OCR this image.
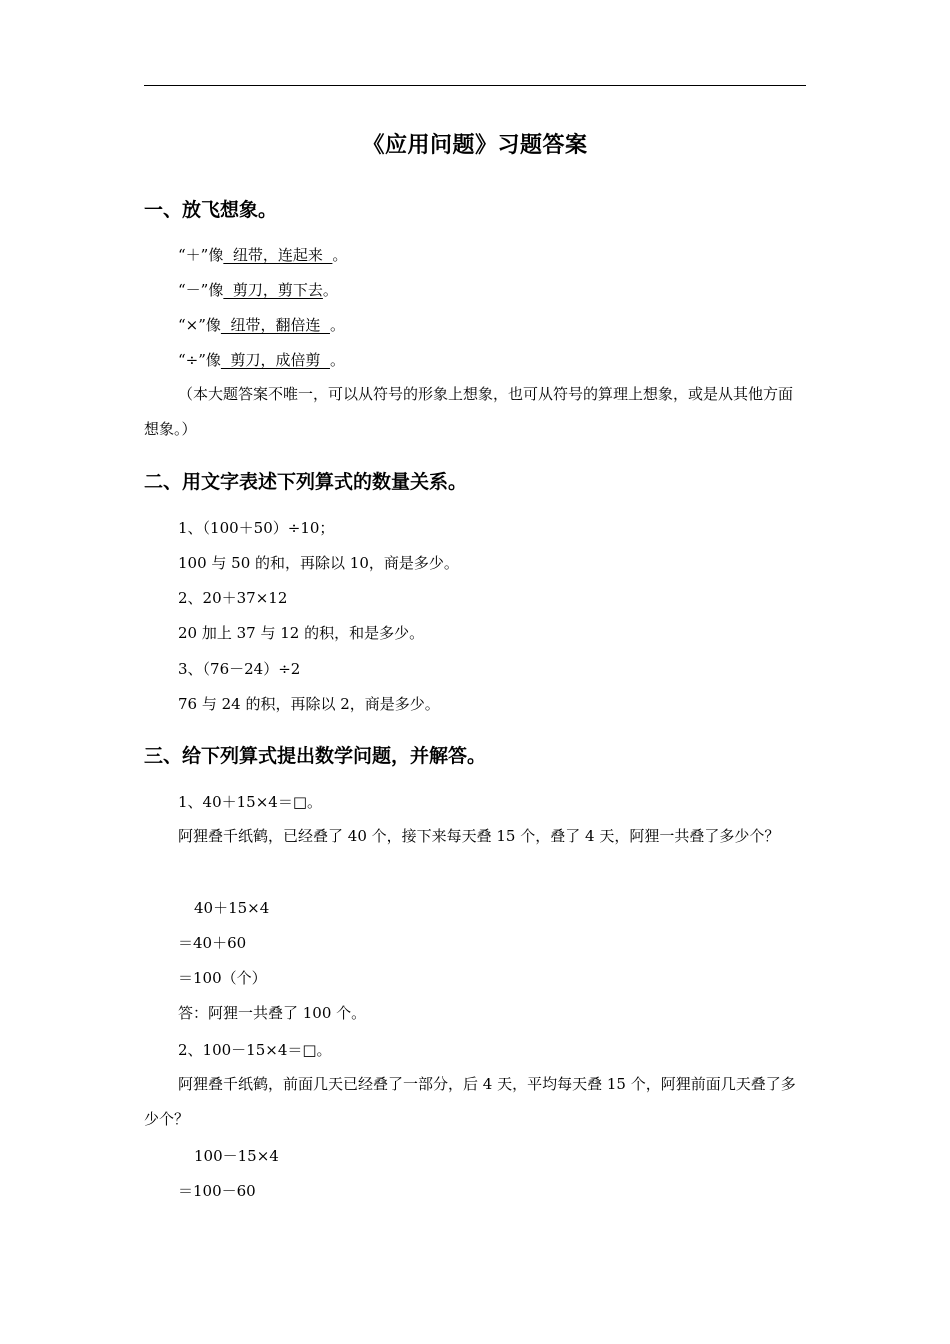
《应用问题》习题答案
一、放飞想象。
“＋”像  纽带，连起来  。
“－”像  剪刀，剪下去。
“×”像  纽带，翻倍连  。
“÷”像  剪刀，成倍剪  。
（本大题答案不唯一，可以从符号的形象上想象，也可从符号的算理上想象，或是从其他方面想象。）
二、用文字表述下列算式的数量关系。
1、（100＋50）÷10；
100 与 50 的和，再除以 10，商是多少。
2、20＋37×12
20 加上 37 与 12 的积，和是多少。
3、（76－24）÷2
76 与 24 的积，再除以 2，商是多少。
三、给下列算式提出数学问题，并解答。
1、40＋15×4＝□。
阿狸叠千纸鹤，已经叠了 40 个，接下来每天叠 15 个，叠了 4 天，阿狸一共叠了多少个？
40＋15×4
＝40＋60
＝100（个）
答：阿狸一共叠了 100 个。
2、100－15×4＝□。
阿狸叠千纸鹤，前面几天已经叠了一部分，后 4 天，平均每天叠 15 个，阿狸前面几天叠了多少个？
100－15×4
＝100－60
